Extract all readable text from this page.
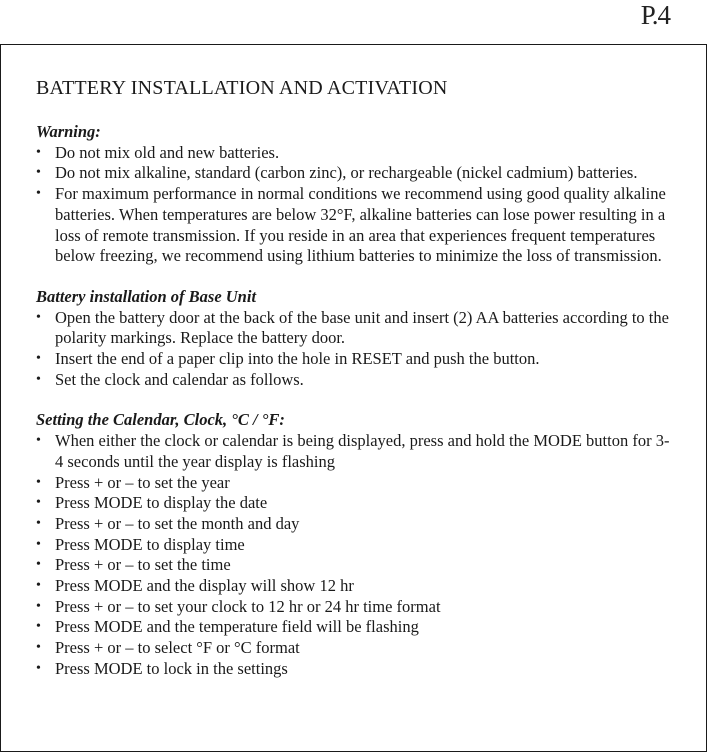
P.4
BATTERY INSTALLATION AND ACTIVATION

Warning:

• Do not mix old and new batteries.
• Do not mix alkaline, standard (carbon zinc), or rechargeable (nickel cadmium) batteries.
• For maximum performance in normal conditions we recommend using good quality alkaline batteries. When temperatures are below 32°F, alkaline batteries can lose power resulting in a loss of remote transmission. If you reside in an area that experiences frequent temperatures below freezing, we recommend using lithium batteries to minimize the loss of transmission.

Battery installation of Base Unit

• Open the battery door at the back of the base unit and insert (2) AA batteries according to the polarity markings. Replace the battery door.
• Insert the end of a paper clip into the hole in RESET and push the button.
• Set the clock and calendar as follows.

Setting the Calendar, Clock, °C / °F:

• When either the clock or calendar is being displayed, press and hold the MODE button for 3-4 seconds until the year display is flashing
• Press + or – to set the year
• Press MODE to display the date
• Press + or – to set the month and day
• Press MODE to display time
• Press + or – to set the time
• Press MODE and the display will show 12 hr
• Press + or – to set your clock to 12 hr or 24 hr time format
• Press MODE and the temperature field will be flashing
• Press + or – to select °F or °C format
• Press MODE to lock in the settings
